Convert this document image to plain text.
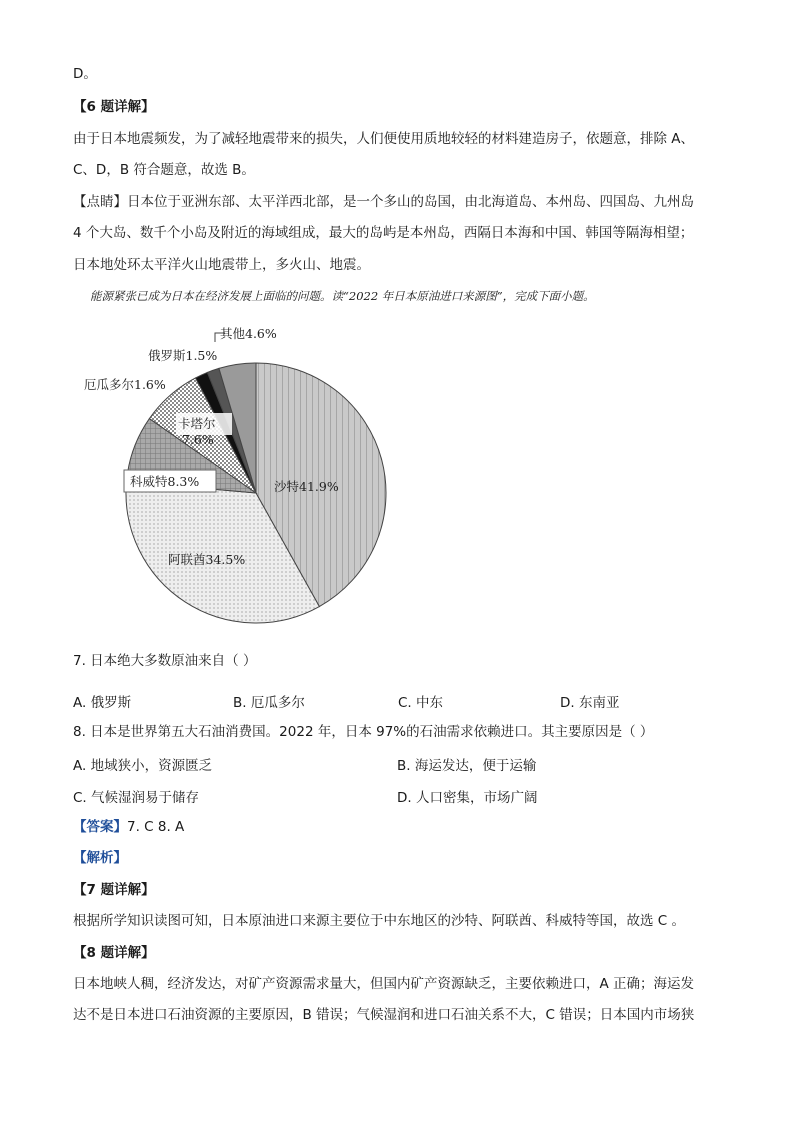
D。
【6 题详解】
由于日本地震频发，为了减轻地震带来的损失，人们便使用质地较轻的材料建造房子，依题意，排除 A、
C、D，B 符合题意，故选 B。
【点睛】日本位于亚洲东部、太平洋西北部，是一个多山的岛国，由北海道岛、本州岛、四国岛、九州岛
4 个大岛、数千个小岛及附近的海域组成，最大的岛屿是本州岛，西隔日本海和中国、韩国等隔海相望；
日本地处环太平洋火山地震带上，多火山、地震。
能源紧张已成为日本在经济发展上面临的问题。读“2022 年日本原油进口来源图”，完成下面小题。
沙特41.9%
阿联酋34.5%
科威特8.3%
卡塔尔
7.6%
厄瓜多尔1.6%
俄罗斯1.5%
其他4.6%
7. 日本绝大多数原油来自（ ）
A. 俄罗斯	B. 厄瓜多尔	C. 中东	D. 东南亚
8. 日本是世界第五大石油消费国。2022 年，日本 97%的石油需求依赖进口。其主要原因是（ ）
A. 地域狭小，资源匮乏	B. 海运发达，便于运输
C. 气候湿润易于储存	D. 人口密集，市场广阔
【答案】7. C 8. A
【解析】
【7 题详解】
根据所学知识读图可知，日本原油进口来源主要位于中东地区的沙特、阿联酋、科威特等国，故选 C 。
【8 题详解】
日本地峡人稠，经济发达，对矿产资源需求量大，但国内矿产资源缺乏，主要依赖进口，A 正确；海运发
达不是日本进口石油资源的主要原因，B 错误；气候湿润和进口石油关系不大，C 错误；日本国内市场狭
